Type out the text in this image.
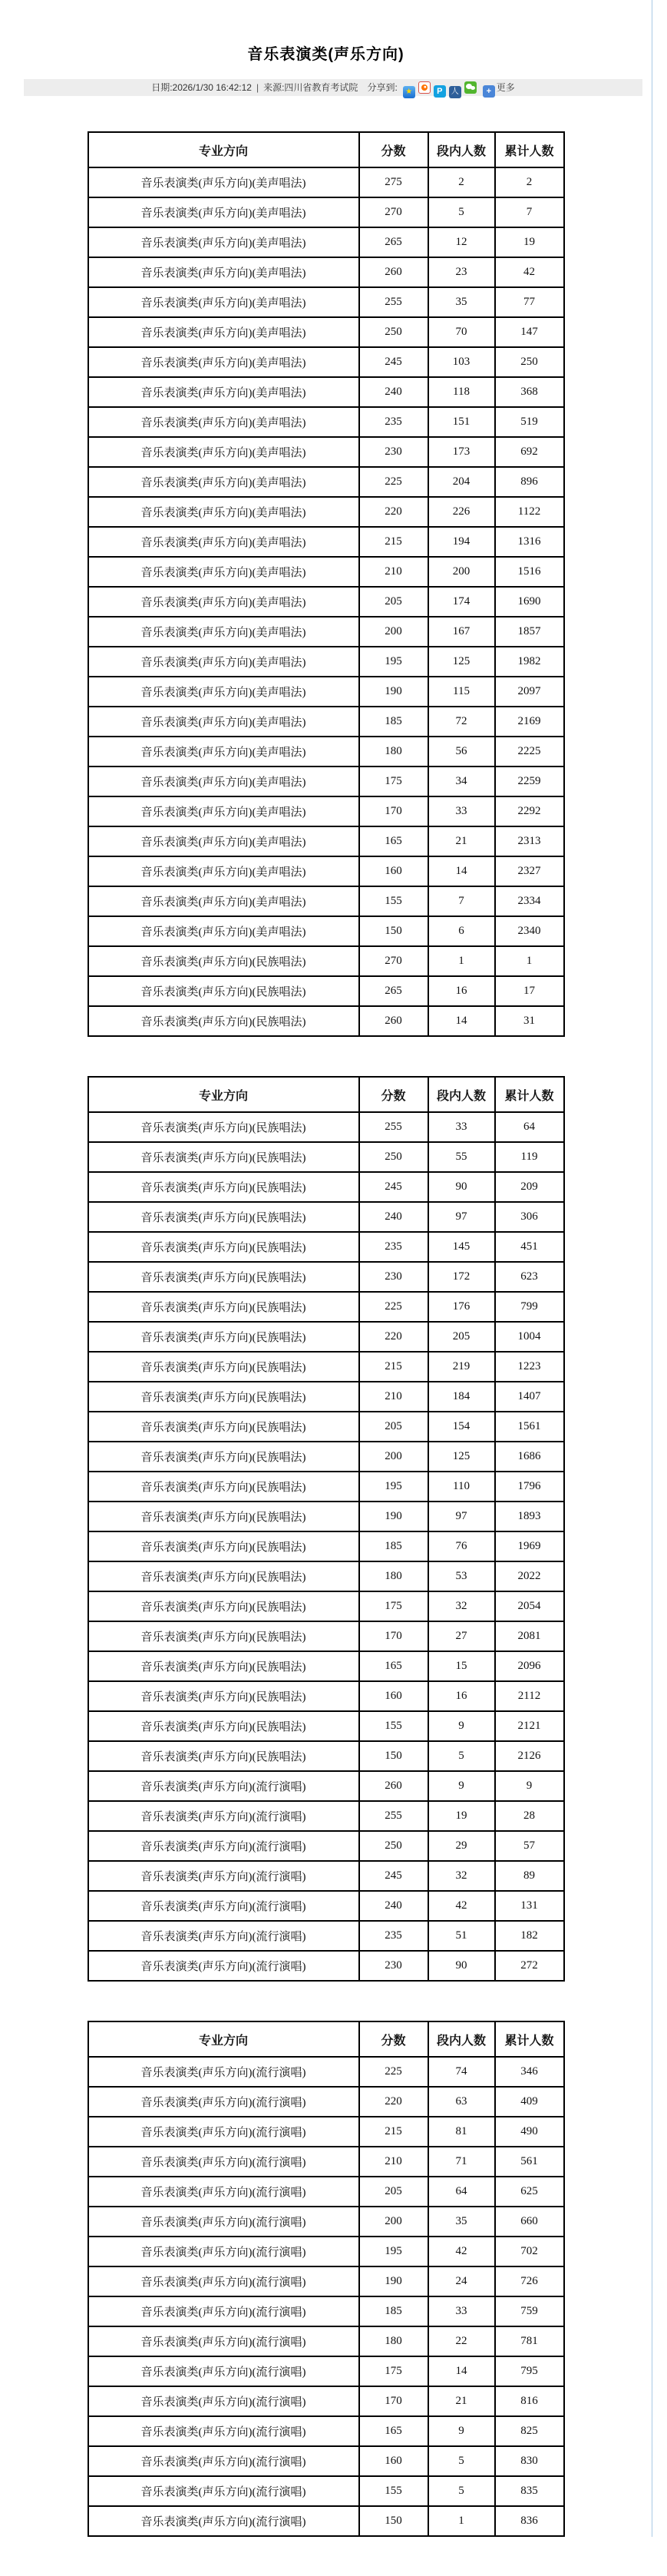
音乐表演类(声乐方向)
日期:2026/1/30 16:42:12 | 来源:四川省教育考试院 分享到: ★	P 人	+ 更多
专业方向	分数	段内人数	累计人数
音乐表演类(声乐方向)(美声唱法)	275	2	2
音乐表演类(声乐方向)(美声唱法)	270	5	7
音乐表演类(声乐方向)(美声唱法)	265	12	19
音乐表演类(声乐方向)(美声唱法)	260	23	42
音乐表演类(声乐方向)(美声唱法)	255	35	77
音乐表演类(声乐方向)(美声唱法)	250	70	147
音乐表演类(声乐方向)(美声唱法)	245	103	250
音乐表演类(声乐方向)(美声唱法)	240	118	368
音乐表演类(声乐方向)(美声唱法)	235	151	519
音乐表演类(声乐方向)(美声唱法)	230	173	692
音乐表演类(声乐方向)(美声唱法)	225	204	896
音乐表演类(声乐方向)(美声唱法)	220	226	1122
音乐表演类(声乐方向)(美声唱法)	215	194	1316
音乐表演类(声乐方向)(美声唱法)	210	200	1516
音乐表演类(声乐方向)(美声唱法)	205	174	1690
音乐表演类(声乐方向)(美声唱法)	200	167	1857
音乐表演类(声乐方向)(美声唱法)	195	125	1982
音乐表演类(声乐方向)(美声唱法)	190	115	2097
音乐表演类(声乐方向)(美声唱法)	185	72	2169
音乐表演类(声乐方向)(美声唱法)	180	56	2225
音乐表演类(声乐方向)(美声唱法)	175	34	2259
音乐表演类(声乐方向)(美声唱法)	170	33	2292
音乐表演类(声乐方向)(美声唱法)	165	21	2313
音乐表演类(声乐方向)(美声唱法)	160	14	2327
音乐表演类(声乐方向)(美声唱法)	155	7	2334
音乐表演类(声乐方向)(美声唱法)	150	6	2340
音乐表演类(声乐方向)(民族唱法)	270	1	1
音乐表演类(声乐方向)(民族唱法)	265	16	17
音乐表演类(声乐方向)(民族唱法)	260	14	31
专业方向	分数	段内人数	累计人数
音乐表演类(声乐方向)(民族唱法)	255	33	64
音乐表演类(声乐方向)(民族唱法)	250	55	119
音乐表演类(声乐方向)(民族唱法)	245	90	209
音乐表演类(声乐方向)(民族唱法)	240	97	306
音乐表演类(声乐方向)(民族唱法)	235	145	451
音乐表演类(声乐方向)(民族唱法)	230	172	623
音乐表演类(声乐方向)(民族唱法)	225	176	799
音乐表演类(声乐方向)(民族唱法)	220	205	1004
音乐表演类(声乐方向)(民族唱法)	215	219	1223
音乐表演类(声乐方向)(民族唱法)	210	184	1407
音乐表演类(声乐方向)(民族唱法)	205	154	1561
音乐表演类(声乐方向)(民族唱法)	200	125	1686
音乐表演类(声乐方向)(民族唱法)	195	110	1796
音乐表演类(声乐方向)(民族唱法)	190	97	1893
音乐表演类(声乐方向)(民族唱法)	185	76	1969
音乐表演类(声乐方向)(民族唱法)	180	53	2022
音乐表演类(声乐方向)(民族唱法)	175	32	2054
音乐表演类(声乐方向)(民族唱法)	170	27	2081
音乐表演类(声乐方向)(民族唱法)	165	15	2096
音乐表演类(声乐方向)(民族唱法)	160	16	2112
音乐表演类(声乐方向)(民族唱法)	155	9	2121
音乐表演类(声乐方向)(民族唱法)	150	5	2126
音乐表演类(声乐方向)(流行演唱)	260	9	9
音乐表演类(声乐方向)(流行演唱)	255	19	28
音乐表演类(声乐方向)(流行演唱)	250	29	57
音乐表演类(声乐方向)(流行演唱)	245	32	89
音乐表演类(声乐方向)(流行演唱)	240	42	131
音乐表演类(声乐方向)(流行演唱)	235	51	182
音乐表演类(声乐方向)(流行演唱)	230	90	272
专业方向	分数	段内人数	累计人数
音乐表演类(声乐方向)(流行演唱)	225	74	346
音乐表演类(声乐方向)(流行演唱)	220	63	409
音乐表演类(声乐方向)(流行演唱)	215	81	490
音乐表演类(声乐方向)(流行演唱)	210	71	561
音乐表演类(声乐方向)(流行演唱)	205	64	625
音乐表演类(声乐方向)(流行演唱)	200	35	660
音乐表演类(声乐方向)(流行演唱)	195	42	702
音乐表演类(声乐方向)(流行演唱)	190	24	726
音乐表演类(声乐方向)(流行演唱)	185	33	759
音乐表演类(声乐方向)(流行演唱)	180	22	781
音乐表演类(声乐方向)(流行演唱)	175	14	795
音乐表演类(声乐方向)(流行演唱)	170	21	816
音乐表演类(声乐方向)(流行演唱)	165	9	825
音乐表演类(声乐方向)(流行演唱)	160	5	830
音乐表演类(声乐方向)(流行演唱)	155	5	835
音乐表演类(声乐方向)(流行演唱)	150	1	836
